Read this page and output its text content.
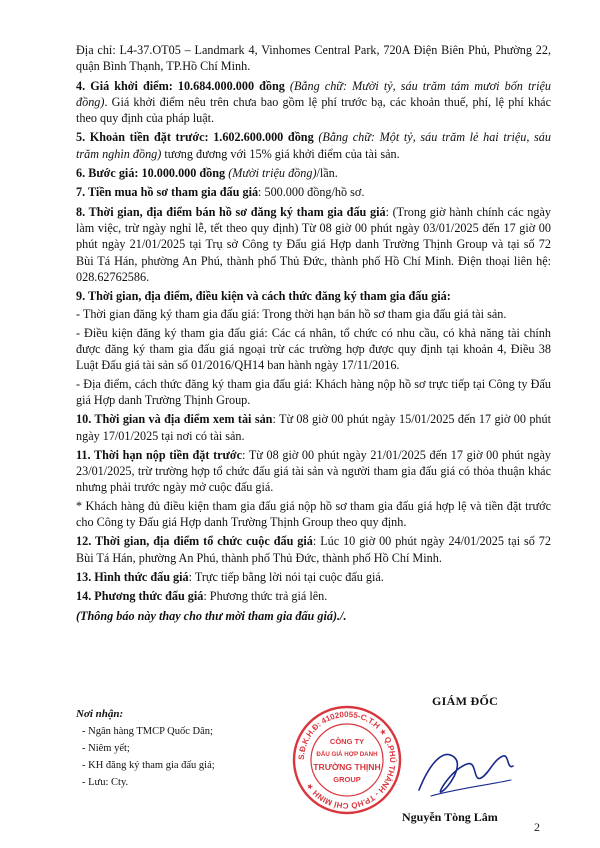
Địa chỉ: L4-37.OT05 – Landmark 4, Vinhomes Central Park, 720A Điện Biên Phủ, Phường 22, quận Bình Thạnh, TP.Hồ Chí Minh.

4. Giá khởi điểm: 10.684.000.000 đồng (Bằng chữ: Mười tỷ, sáu trăm tám mươi bốn triệu đồng). Giá khởi điểm nêu trên chưa bao gồm lệ phí trước bạ, các khoản thuế, phí, lệ phí khác theo quy định của pháp luật.

5. Khoản tiền đặt trước: 1.602.600.000 đồng (Bằng chữ: Một tỷ, sáu trăm lẻ hai triệu, sáu trăm nghìn đồng) tương đương với 15% giá khởi điểm của tài sản.

6. Bước giá: 10.000.000 đồng (Mười triệu đồng)/lần.

7. Tiền mua hồ sơ tham gia đấu giá: 500.000 đồng/hồ sơ.

8. Thời gian, địa điểm bán hồ sơ đăng ký tham gia đấu giá: (Trong giờ hành chính các ngày làm việc, trừ ngày nghỉ lễ, tết theo quy định) Từ 08 giờ 00 phút ngày 03/01/2025 đến 17 giờ 00 phút ngày 21/01/2025 tại Trụ sở Công ty Đấu giá Hợp danh Trường Thịnh Group và tại số 72 Bùi Tá Hán, phường An Phú, thành phố Thủ Đức, thành phố Hồ Chí Minh. Điện thoại liên hệ: 028.62762586.

9. Thời gian, địa điểm, điều kiện và cách thức đăng ký tham gia đấu giá:

- Thời gian đăng ký tham gia đấu giá: Trong thời hạn bán hồ sơ tham gia đấu giá tài sản.

- Điều kiện đăng ký tham gia đấu giá: Các cá nhân, tổ chức có nhu cầu, có khả năng tài chính được đăng ký tham gia đấu giá ngoại trừ các trường hợp được quy định tại khoản 4, Điều 38 Luật Đấu giá tài sản số 01/2016/QH14 ban hành ngày 17/11/2016.

- Địa điểm, cách thức đăng ký tham gia đấu giá: Khách hàng nộp hồ sơ trực tiếp tại Công ty Đấu giá Hợp danh Trường Thịnh Group.

10. Thời gian và địa điểm xem tài sản: Từ 08 giờ 00 phút ngày 15/01/2025 đến 17 giờ 00 phút ngày 17/01/2025 tại nơi có tài sản.

11. Thời hạn nộp tiền đặt trước: Từ 08 giờ 00 phút ngày 21/01/2025 đến 17 giờ 00 phút ngày 23/01/2025, trừ trường hợp tổ chức đấu giá tài sản và người tham gia đấu giá có thỏa thuận khác nhưng phải trước ngày mở cuộc đấu giá.

* Khách hàng đủ điều kiện tham gia đấu giá nộp hồ sơ tham gia đấu giá hợp lệ và tiền đặt trước cho Công ty Đấu giá Hợp danh Trường Thịnh Group theo quy định.

12. Thời gian, địa điểm tổ chức cuộc đấu giá: Lúc 10 giờ 00 phút ngày 24/01/2025 tại số 72 Bùi Tá Hán, phường An Phú, thành phố Thủ Đức, thành phố Hồ Chí Minh.

13. Hình thức đấu giá: Trực tiếp bằng lời nói tại cuộc đấu giá.

14. Phương thức đấu giá: Phương thức trả giá lên.

(Thông báo này thay cho thư mời tham gia đấu giá)./.

Nơi nhận:
- Ngân hàng TMCP Quốc Dân;
- Niêm yết;
- KH đăng ký tham gia đấu giá;
- Lưu: Cty.
S.Đ.K.H.Đ: 41020055-C.T.H ★ Q.PHÚ THÀNH - TP.HỒ CHÍ MINH ★
CÔNG TY
ĐẤU GIÁ HỢP DANH
TRƯỜNG THỊNH
GROUP
GIÁM ĐỐC
Nguyễn Tòng Lâm
2
